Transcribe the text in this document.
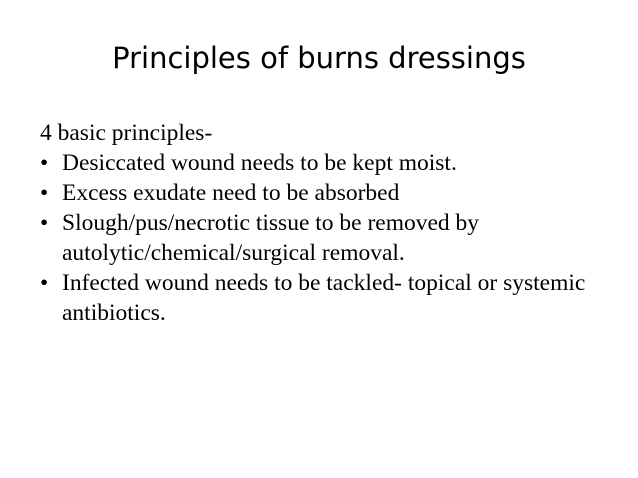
Principles of burns dressings
4 basic principles-
• Desiccated wound needs to be kept moist.
• Excess exudate need to be absorbed
• Slough/pus/necrotic tissue to be removed by autolytic/chemical/surgical removal.
• Infected wound needs to be tackled- topical or systemic antibiotics.
